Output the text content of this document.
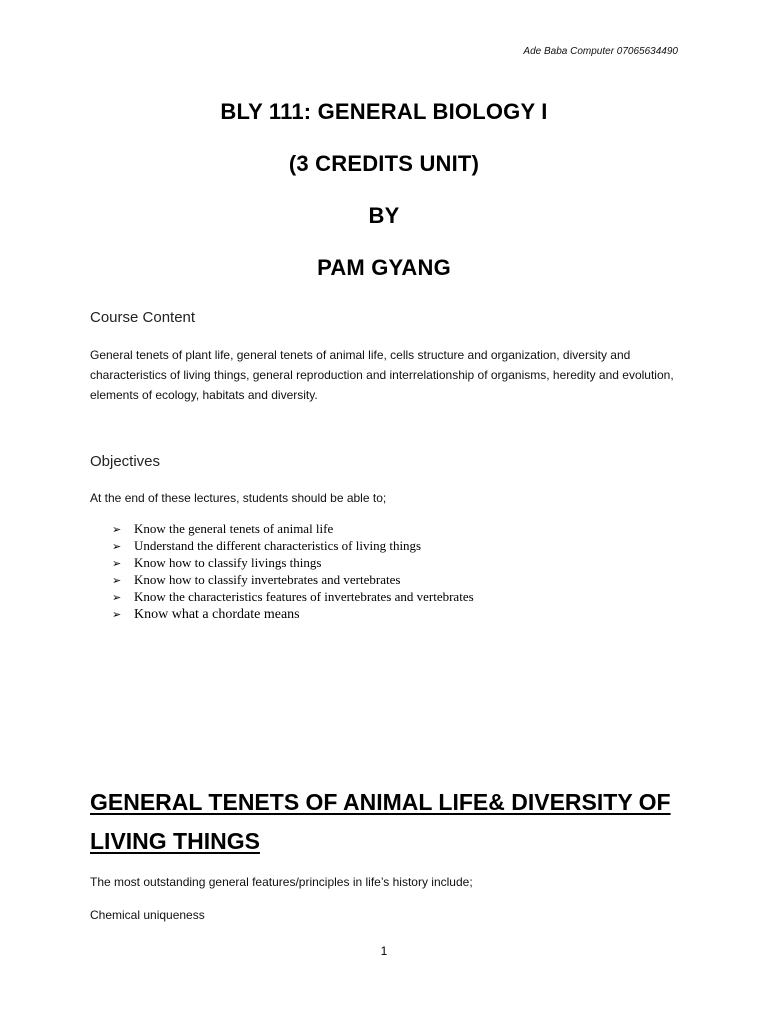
Ade Baba Computer 07065634490
BLY 111: GENERAL BIOLOGY I
(3 CREDITS UNIT)
BY
PAM GYANG
Course Content
General tenets of plant life, general tenets of animal life, cells structure and organization, diversity and characteristics of living things, general reproduction and interrelationship of organisms, heredity and evolution, elements of ecology, habitats and diversity.
Objectives
At the end of these lectures, students should be able to;
➢ Know the general tenets of animal life
➢ Understand the different characteristics of living things
➢ Know how to classify livings things
➢ Know how to classify invertebrates and vertebrates
➢ Know the characteristics features of invertebrates and vertebrates
➢ Know what a chordate means
GENERAL TENETS OF ANIMAL LIFE& DIVERSITY OF LIVING THINGS
The most outstanding general features/principles in life’s history include;
Chemical uniqueness
1
